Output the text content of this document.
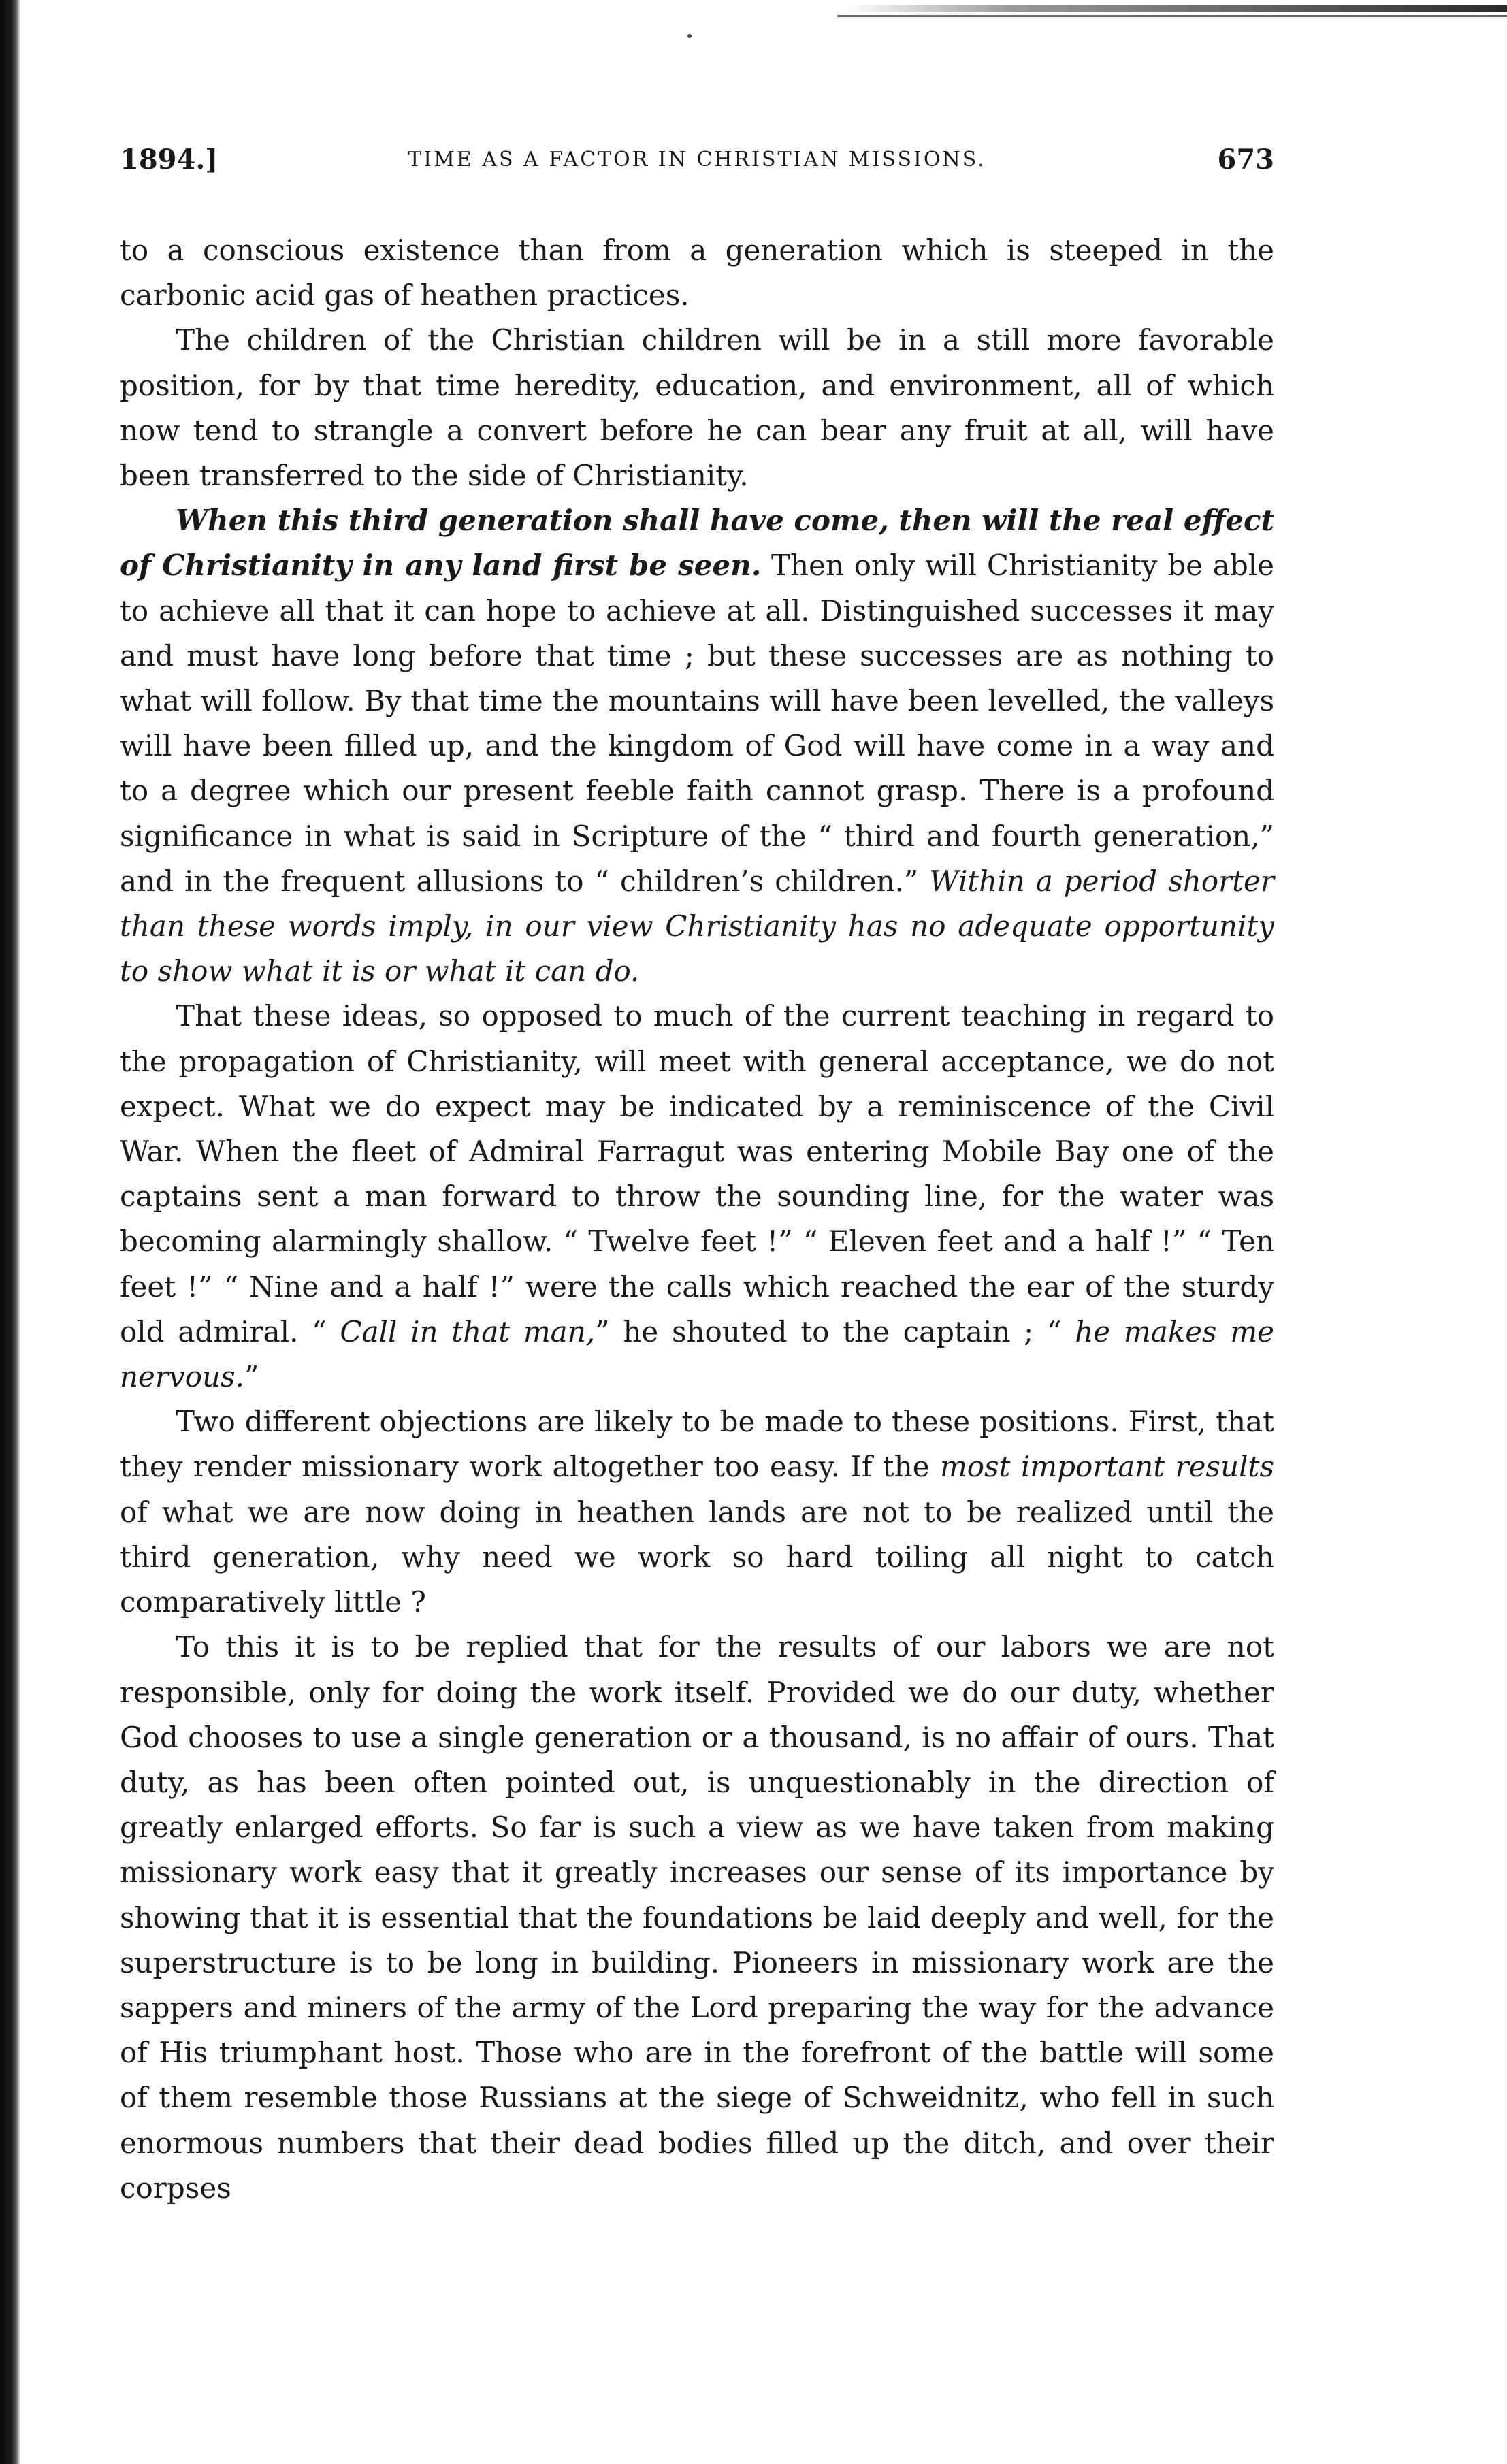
1894.]	TIME AS A FACTOR IN CHRISTIAN MISSIONS.	673

to a conscious existence than from a generation which is steeped in the carbonic acid gas of heathen practices.

The children of the Christian children will be in a still more favorable position, for by that time heredity, education, and environment, all of which now tend to strangle a convert before he can bear any fruit at all, will have been transferred to the side of Christianity.

When this third generation shall have come, then will the real effect of Christianity in any land first be seen. Then only will Christianity be able to achieve all that it can hope to achieve at all. Distinguished successes it may and must have long before that time ; but these successes are as nothing to what will follow. By that time the mountains will have been levelled, the valleys will have been filled up, and the kingdom of God will have come in a way and to a degree which our present feeble faith cannot grasp. There is a profound significance in what is said in Scripture of the “ third and fourth generation,” and in the frequent allusions to “ children’s children.” Within a period shorter than these words imply, in our view Christianity has no adequate opportunity to show what it is or what it can do.

That these ideas, so opposed to much of the current teaching in regard to the propagation of Christianity, will meet with general acceptance, we do not expect. What we do expect may be indicated by a reminiscence of the Civil War. When the fleet of Admiral Farragut was entering Mobile Bay one of the captains sent a man forward to throw the sounding line, for the water was becoming alarmingly shallow. “ Twelve feet !” “ Eleven feet and a half !” “ Ten feet !” “ Nine and a half !” were the calls which reached the ear of the sturdy old admiral. “ Call in that man,” he shouted to the captain ; “ he makes me nervous.”

Two different objections are likely to be made to these positions. First, that they render missionary work altogether too easy. If the most important results of what we are now doing in heathen lands are not to be realized until the third generation, why need we work so hard toiling all night to catch comparatively little ?

To this it is to be replied that for the results of our labors we are not responsible, only for doing the work itself. Provided we do our duty, whether God chooses to use a single generation or a thousand, is no affair of ours. That duty, as has been often pointed out, is unquestionably in the direction of greatly enlarged efforts. So far is such a view as we have taken from making missionary work easy that it greatly increases our sense of its importance by showing that it is essential that the foundations be laid deeply and well, for the superstructure is to be long in building. Pioneers in missionary work are the sappers and miners of the army of the Lord preparing the way for the advance of His triumphant host. Those who are in the forefront of the battle will some of them resemble those Russians at the siege of Schweidnitz, who fell in such enormous numbers that their dead bodies filled up the ditch, and over their corpses
